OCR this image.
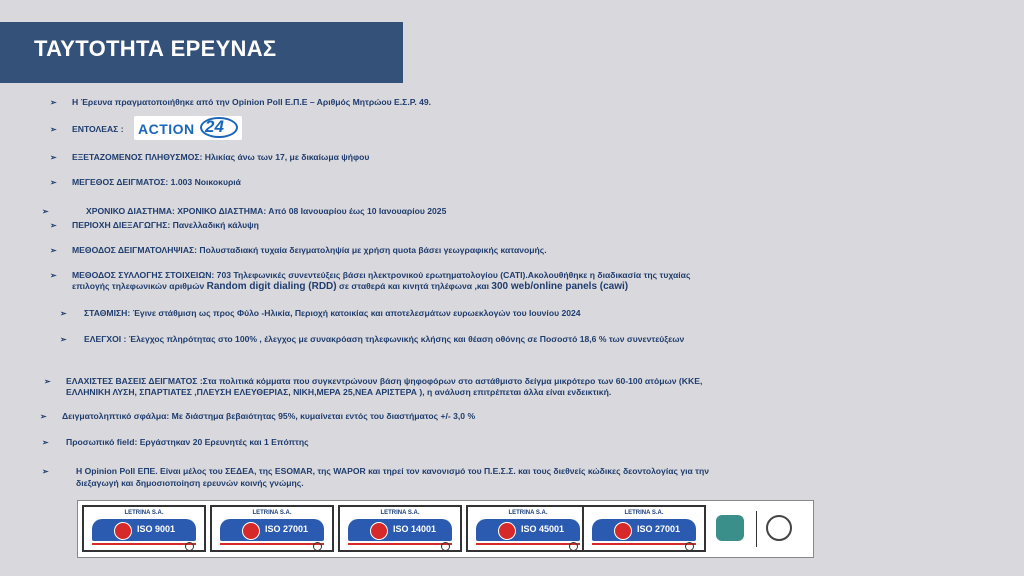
ΤΑΥΤΟΤΗΤΑ ΕΡΕΥΝΑΣ
➢ Η Έρευνα πραγματοποιήθηκε από την Opinion Poll Ε.Π.Ε – Αριθμός Μητρώου Ε.Σ.Ρ. 49.
➢ ΕΝΤΟΛΕΑΣ : ACTION 24
➢ ΕΞΕΤΑΖΟΜΕΝΟΣ ΠΛΗΘΥΣΜΟΣ: Ηλικίας άνω των 17, με δικαίωμα ψήφου
➢ ΜΕΓΕΘΟΣ ΔΕΙΓΜΑΤΟΣ: 1.003 Νοικοκυριά
➢	ΧΡΟΝΙΚΟ ΔΙΑΣΤΗΜΑ: ΧΡΟΝΙΚΟ ΔΙΑΣΤΗΜΑ: Από 08 Ιανουαρίου έως 10 Ιανουαρίου 2025
➢ ΠΕΡΙΟΧΗ ΔΙΕΞΑΓΩΓΗΣ: Πανελλαδική κάλυψη
➢ ΜΕΘΟΔΟΣ ΔΕΙΓΜΑΤΟΛΗΨΙΑΣ: Πολυσταδιακή τυχαία δειγματοληψία με χρήση quota βάσει γεωγραφικής κατανομής.
➢ ΜΕΘΟΔΟΣ ΣΥΛΛΟΓΗΣ ΣΤΟΙΧΕΙΩΝ: 703 Τηλεφωνικές συνεντεύξεις βάσει ηλεκτρονικού ερωτηματολογίου (CATI).Ακολουθήθηκε η διαδικασία της τυχαίας
επιλογής τηλεφωνικών αριθμών Random digit dialing (RDD) σε σταθερά και κινητά τηλέφωνα ,και 300 web/online panels (cawi)
➢ ΣΤΑΘΜΙΣΗ: Έγινε στάθμιση ως προς Φύλο -Ηλικία, Περιοχή κατοικίας και αποτελεσμάτων ευρωεκλογών του Ιουνίου 2024
➢ ΕΛΕΓΧΟΙ : Έλεγχος πληρότητας στο 100% , έλεγχος με συνακρόαση τηλεφωνικής κλήσης και θέαση οθόνης σε Ποσοστό 18,6 % των συνεντεύξεων
➢ ΕΛΑΧΙΣΤΕΣ ΒΑΣΕΙΣ ΔΕΙΓΜΑΤΟΣ :Στα πολιτικά κόμματα που συγκεντρώνουν βάση ψηφοφόρων στο αστάθμιστο δείγμα μικρότερο των 60-100 ατόμων (ΚΚΕ,
ΕΛΛΗΝΙΚΗ ΛΥΣΗ, ΣΠΑΡΤΙΑΤΕΣ ,ΠΛΕΥΣΗ ΕΛΕΥΘΕΡΙΑΣ, ΝΙΚΗ,ΜΕΡΑ 25,ΝΕΑ ΑΡΙΣΤΕΡΑ ), η ανάλυση επιτρέπεται άλλα είναι ενδεικτική.
➢ Δειγματοληπτικό σφάλμα: Με διάστημα βεβαιότητας 95%, κυμαίνεται εντός του διαστήματος +/- 3,0 %
➢ Προσωπικό field: Εργάστηκαν 20 Ερευνητές και 1 Επόπτης
➢	Η Opinion Poll ΕΠΕ. Είναι μέλος του ΣΕΔΕΑ, της ESOMAR, της WAPOR και τηρεί τον κανονισμό του Π.Ε.Σ.Σ. και τους διεθνείς κώδικες δεοντολογίας για την
διεξαγωγή και δημοσιοποίηση ερευνών κοινής γνώμης.
LETRINA S.A.
ISO 9001
LETRINA S.A.
ISO 27001
LETRINA S.A.
ISO 14001
LETRINA S.A.
ISO 45001
LETRINA S.A.
ISO 27001
